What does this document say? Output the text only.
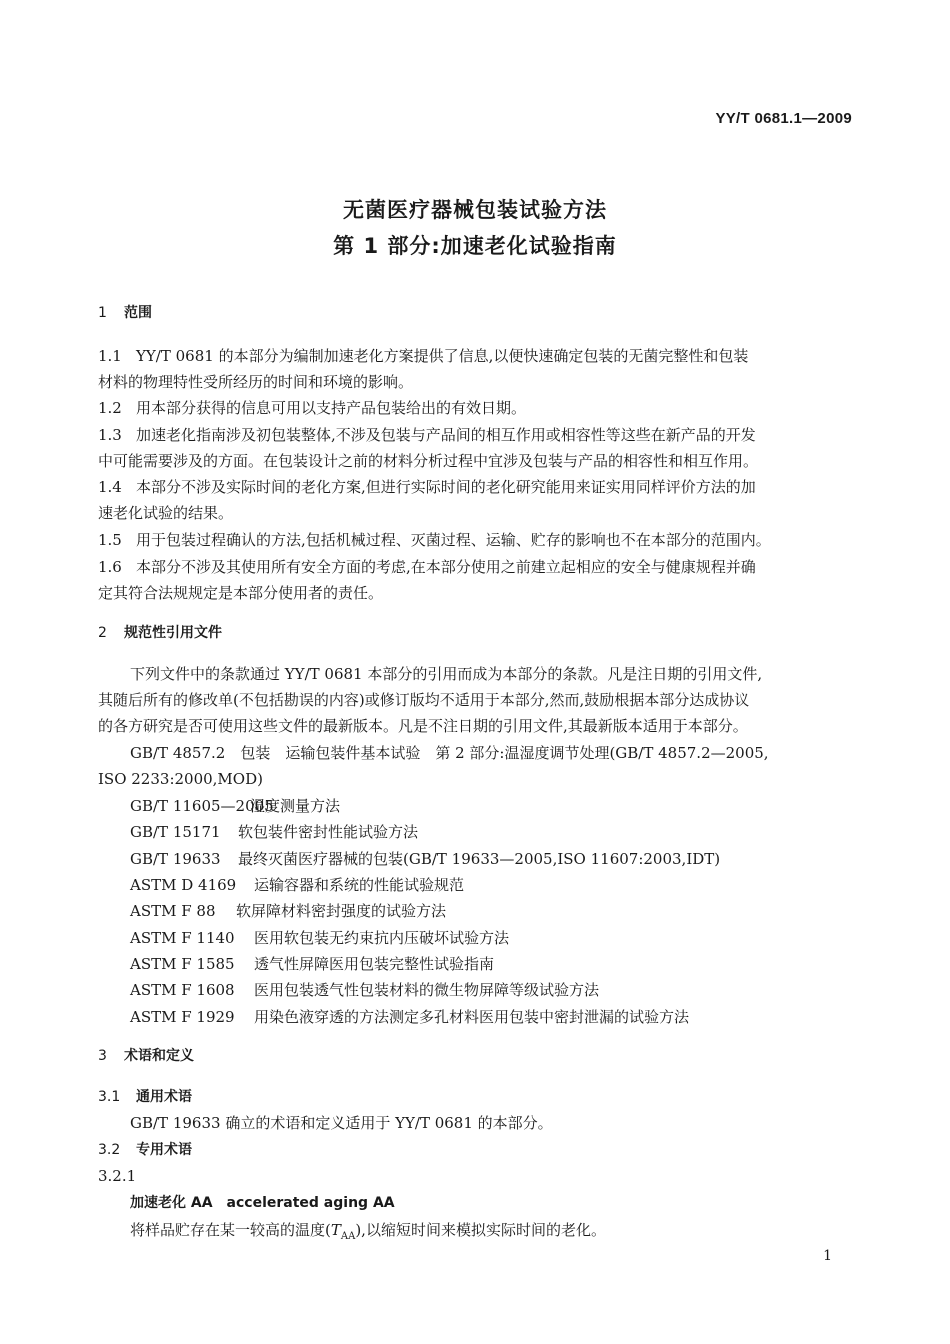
YY/T 0681.1—2009
无菌医疗器械包装试验方法
第 1 部分:加速老化试验指南
1 范围
1.1 YY/T 0681 的本部分为编制加速老化方案提供了信息,以便快速确定包装的无菌完整性和包装
材料的物理特性受所经历的时间和环境的影响。
1.2 用本部分获得的信息可用以支持产品包装给出的有效日期。
1.3 加速老化指南涉及初包装整体,不涉及包装与产品间的相互作用或相容性等这些在新产品的开发
中可能需要涉及的方面。在包装设计之前的材料分析过程中宜涉及包装与产品的相容性和相互作用。
1.4 本部分不涉及实际时间的老化方案,但进行实际时间的老化研究能用来证实用同样评价方法的加
速老化试验的结果。
1.5 用于包装过程确认的方法,包括机械过程、灭菌过程、运输、贮存的影响也不在本部分的范围内。
1.6 本部分不涉及其使用所有安全方面的考虑,在本部分使用之前建立起相应的安全与健康规程并确
定其符合法规规定是本部分使用者的责任。
2 规范性引用文件
下列文件中的条款通过 YY/T 0681 本部分的引用而成为本部分的条款。凡是注日期的引用文件,
其随后所有的修改单(不包括勘误的内容)或修订版均不适用于本部分,然而,鼓励根据本部分达成协议
的各方研究是否可使用这些文件的最新版本。凡是不注日期的引用文件,其最新版本适用于本部分。
GB/T 4857.2　包装　运输包装件基本试验　第 2 部分:温湿度调节处理(GB/T 4857.2—2005,
ISO 2233:2000,MOD)
GB/T 11605—2005湿度测量方法
GB/T 15171 软包装件密封性能试验方法
GB/T 19633 最终灭菌医疗器械的包装(GB/T 19633—2005,ISO 11607:2003,IDT)
ASTM D 4169 运输容器和系统的性能试验规范
ASTM F 88 软屏障材料密封强度的试验方法
ASTM F 1140 医用软包装无约束抗内压破坏试验方法
ASTM F 1585 透气性屏障医用包装完整性试验指南
ASTM F 1608 医用包装透气性包装材料的微生物屏障等级试验方法
ASTM F 1929 用染色液穿透的方法测定多孔材料医用包装中密封泄漏的试验方法
3 术语和定义
3.1 通用术语
GB/T 19633 确立的术语和定义适用于 YY/T 0681 的本部分。
3.2 专用术语
3.2.1
加速老化 AA　accelerated aging AA
将样品贮存在某一较高的温度$(T_{AA})$,以缩短时间来模拟实际时间的老化。
1
